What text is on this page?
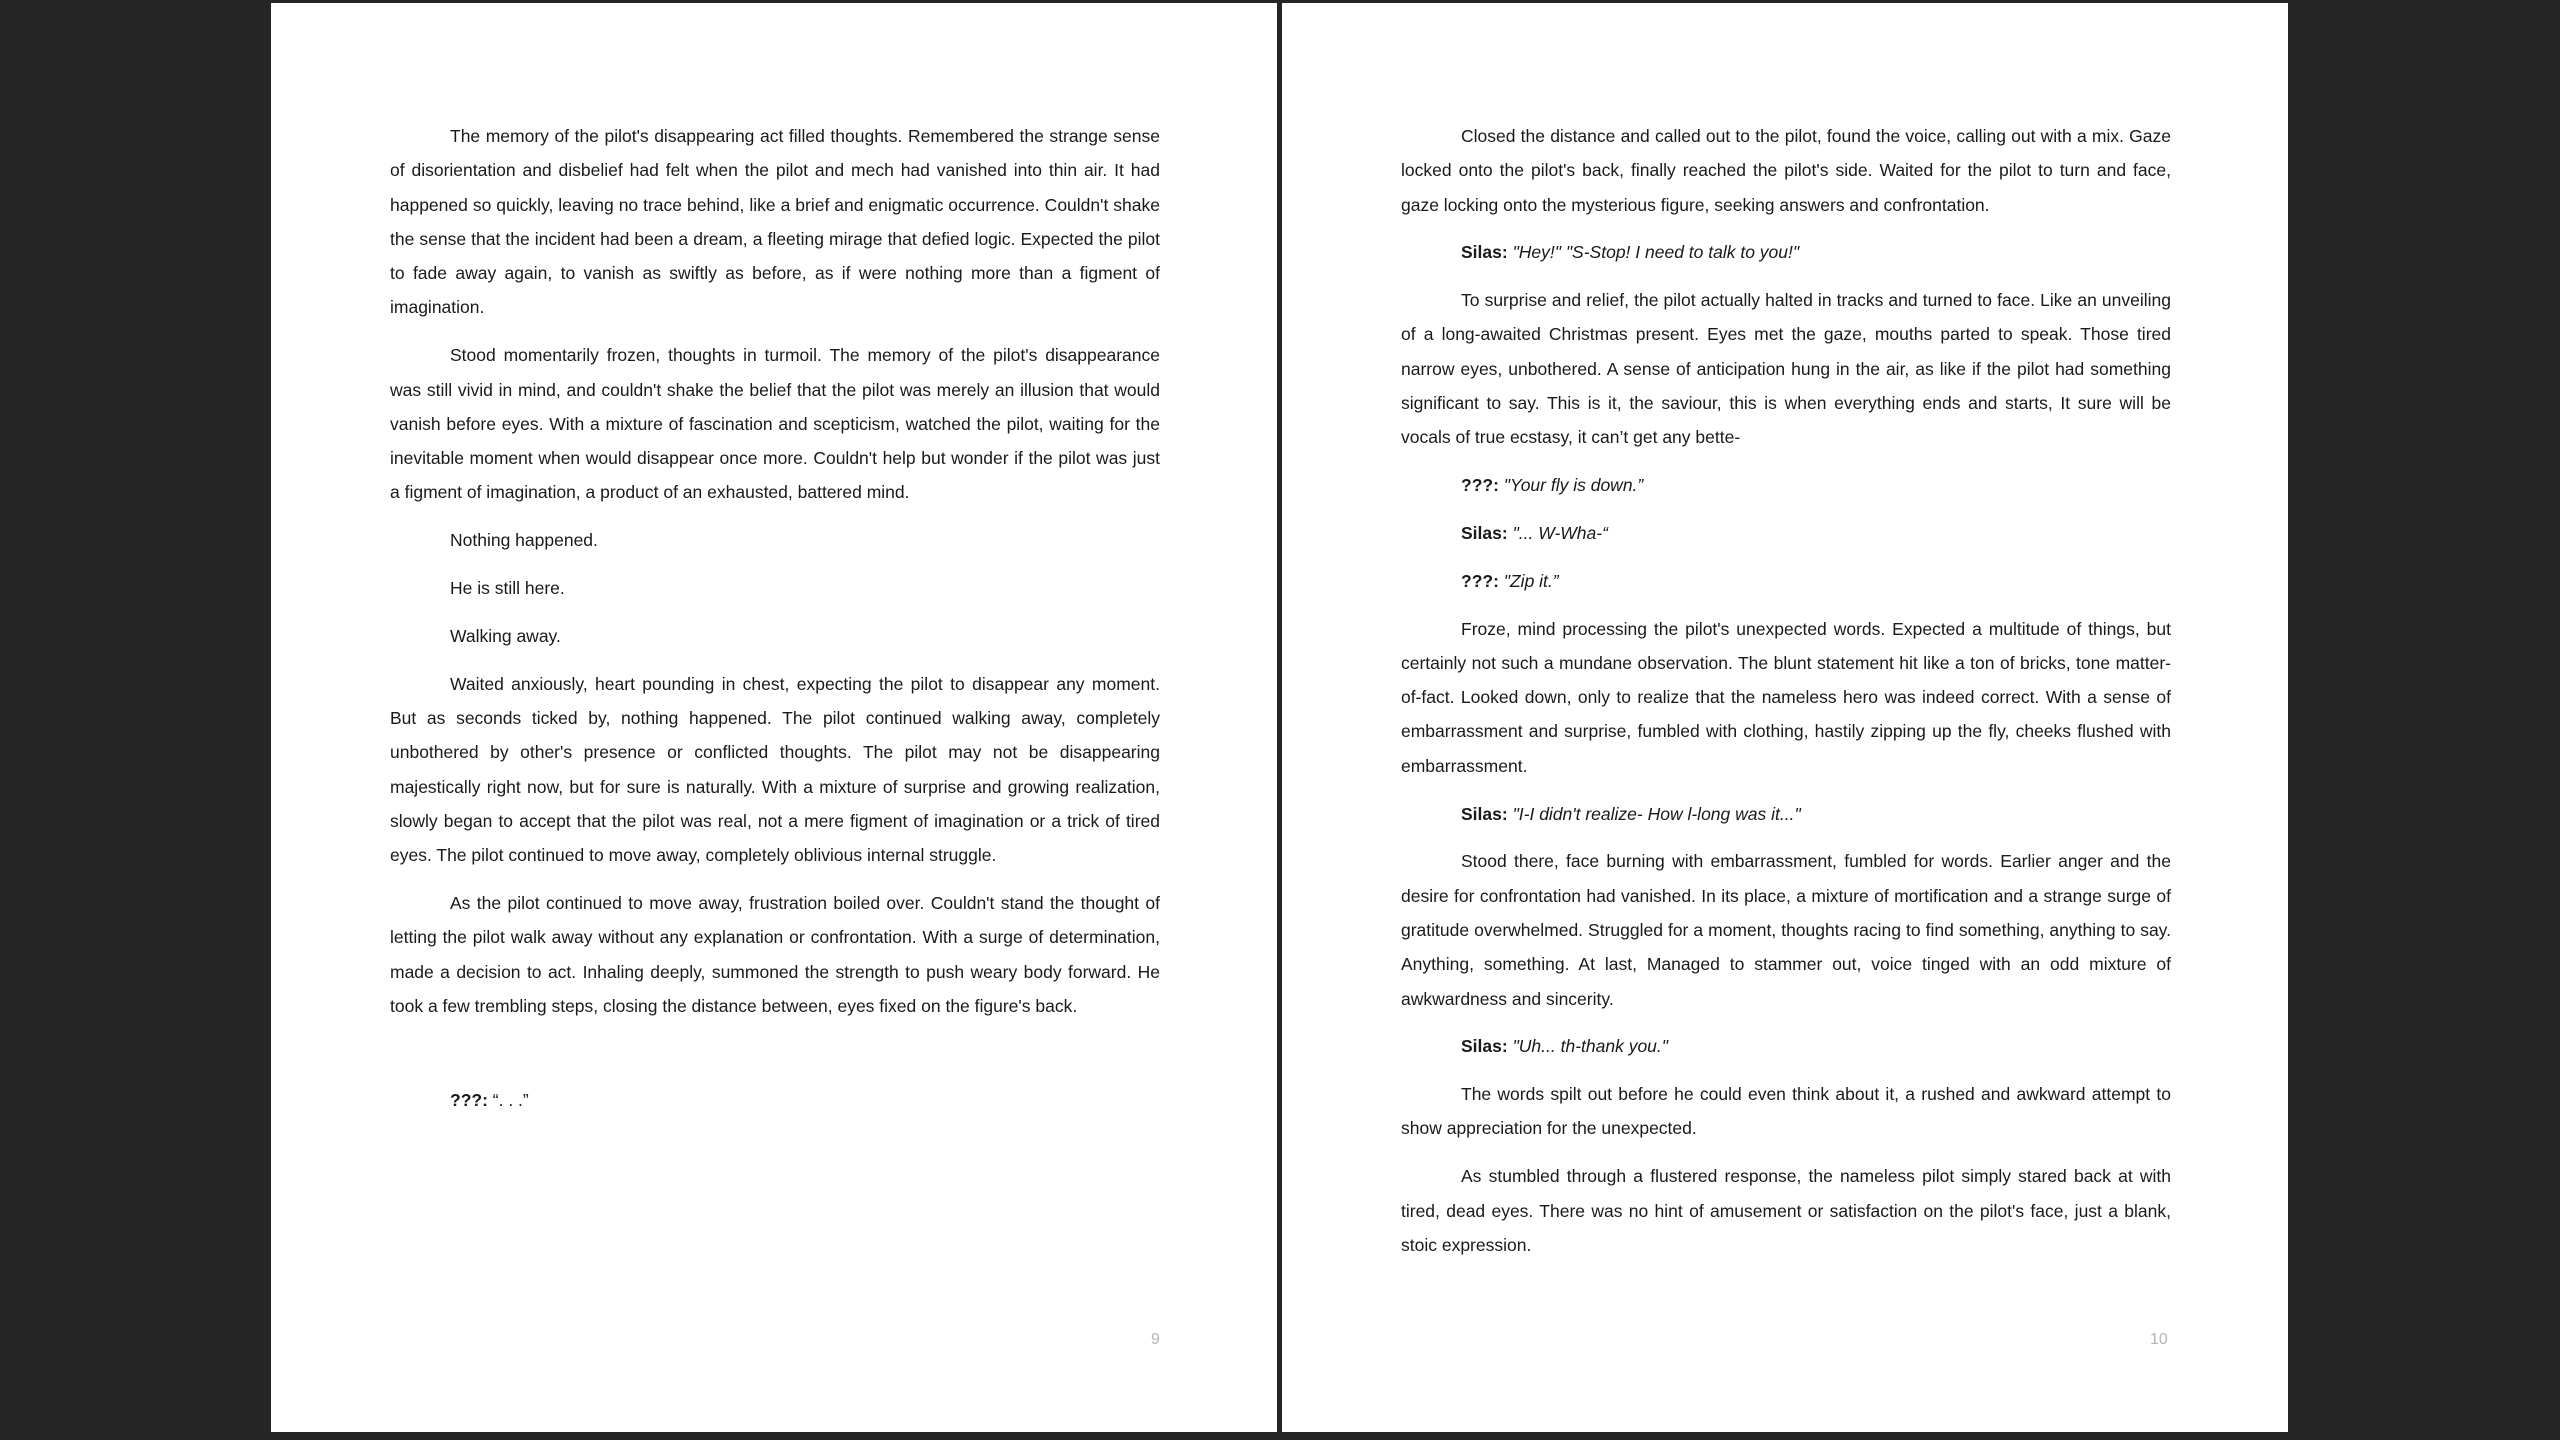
The memory of the pilot's disappearing act filled thoughts. Remembered the strange sense of disorientation and disbelief had felt when the pilot and mech had vanished into thin air. It had happened so quickly, leaving no trace behind, like a brief and enigmatic occurrence. Couldn't shake the sense that the incident had been a dream, a fleeting mirage that defied logic. Expected the pilot to fade away again, to vanish as swiftly as before, as if were nothing more than a figment of imagination.

Stood momentarily frozen, thoughts in turmoil. The memory of the pilot's disappearance was still vivid in mind, and couldn't shake the belief that the pilot was merely an illusion that would vanish before eyes. With a mixture of fascination and scepticism, watched the pilot, waiting for the inevitable moment when would disappear once more. Couldn't help but wonder if the pilot was just a figment of imagination, a product of an exhausted, battered mind.

Nothing happened.

He is still here.

Walking away.

Waited anxiously, heart pounding in chest, expecting the pilot to disappear any moment. But as seconds ticked by, nothing happened. The pilot continued walking away, completely unbothered by other's presence or conflicted thoughts. The pilot may not be disappearing majestically right now, but for sure is naturally. With a mixture of surprise and growing realization, slowly began to accept that the pilot was real, not a mere figment of imagination or a trick of tired eyes. The pilot continued to move away, completely oblivious internal struggle.

As the pilot continued to move away, frustration boiled over. Couldn't stand the thought of letting the pilot walk away without any explanation or confrontation. With a surge of determination, made a decision to act. Inhaling deeply, summoned the strength to push weary body forward. He took a few trembling steps, closing the distance between, eyes fixed on the figure's back.

???: “. . .”

9

Closed the distance and called out to the pilot, found the voice, calling out with a mix. Gaze locked onto the pilot's back, finally reached the pilot's side. Waited for the pilot to turn and face, gaze locking onto the mysterious figure, seeking answers and confrontation.

Silas: "Hey!" "S-Stop! I need to talk to you!"

To surprise and relief, the pilot actually halted in tracks and turned to face. Like an unveiling of a long-awaited Christmas present. Eyes met the gaze, mouths parted to speak. Those tired narrow eyes, unbothered. A sense of anticipation hung in the air, as like if the pilot had something significant to say. This is it, the saviour, this is when everything ends and starts, It sure will be vocals of true ecstasy, it can’t get any bette-

???: "Your fly is down.”

Silas: "... W-Wha-“

???: "Zip it.”

Froze, mind processing the pilot's unexpected words. Expected a multitude of things, but certainly not such a mundane observation. The blunt statement hit like a ton of bricks, tone matter-of-fact. Looked down, only to realize that the nameless hero was indeed correct. With a sense of embarrassment and surprise, fumbled with clothing, hastily zipping up the fly, cheeks flushed with embarrassment.

Silas: "I-I didn't realize- How l-long was it..."

Stood there, face burning with embarrassment, fumbled for words. Earlier anger and the desire for confrontation had vanished. In its place, a mixture of mortification and a strange surge of gratitude overwhelmed. Struggled for a moment, thoughts racing to find something, anything to say. Anything, something. At last, Managed to stammer out, voice tinged with an odd mixture of awkwardness and sincerity.

Silas: "Uh... th-thank you."

The words spilt out before he could even think about it, a rushed and awkward attempt to show appreciation for the unexpected.

As stumbled through a flustered response, the nameless pilot simply stared back at with tired, dead eyes. There was no hint of amusement or satisfaction on the pilot's face, just a blank, stoic expression.

10
